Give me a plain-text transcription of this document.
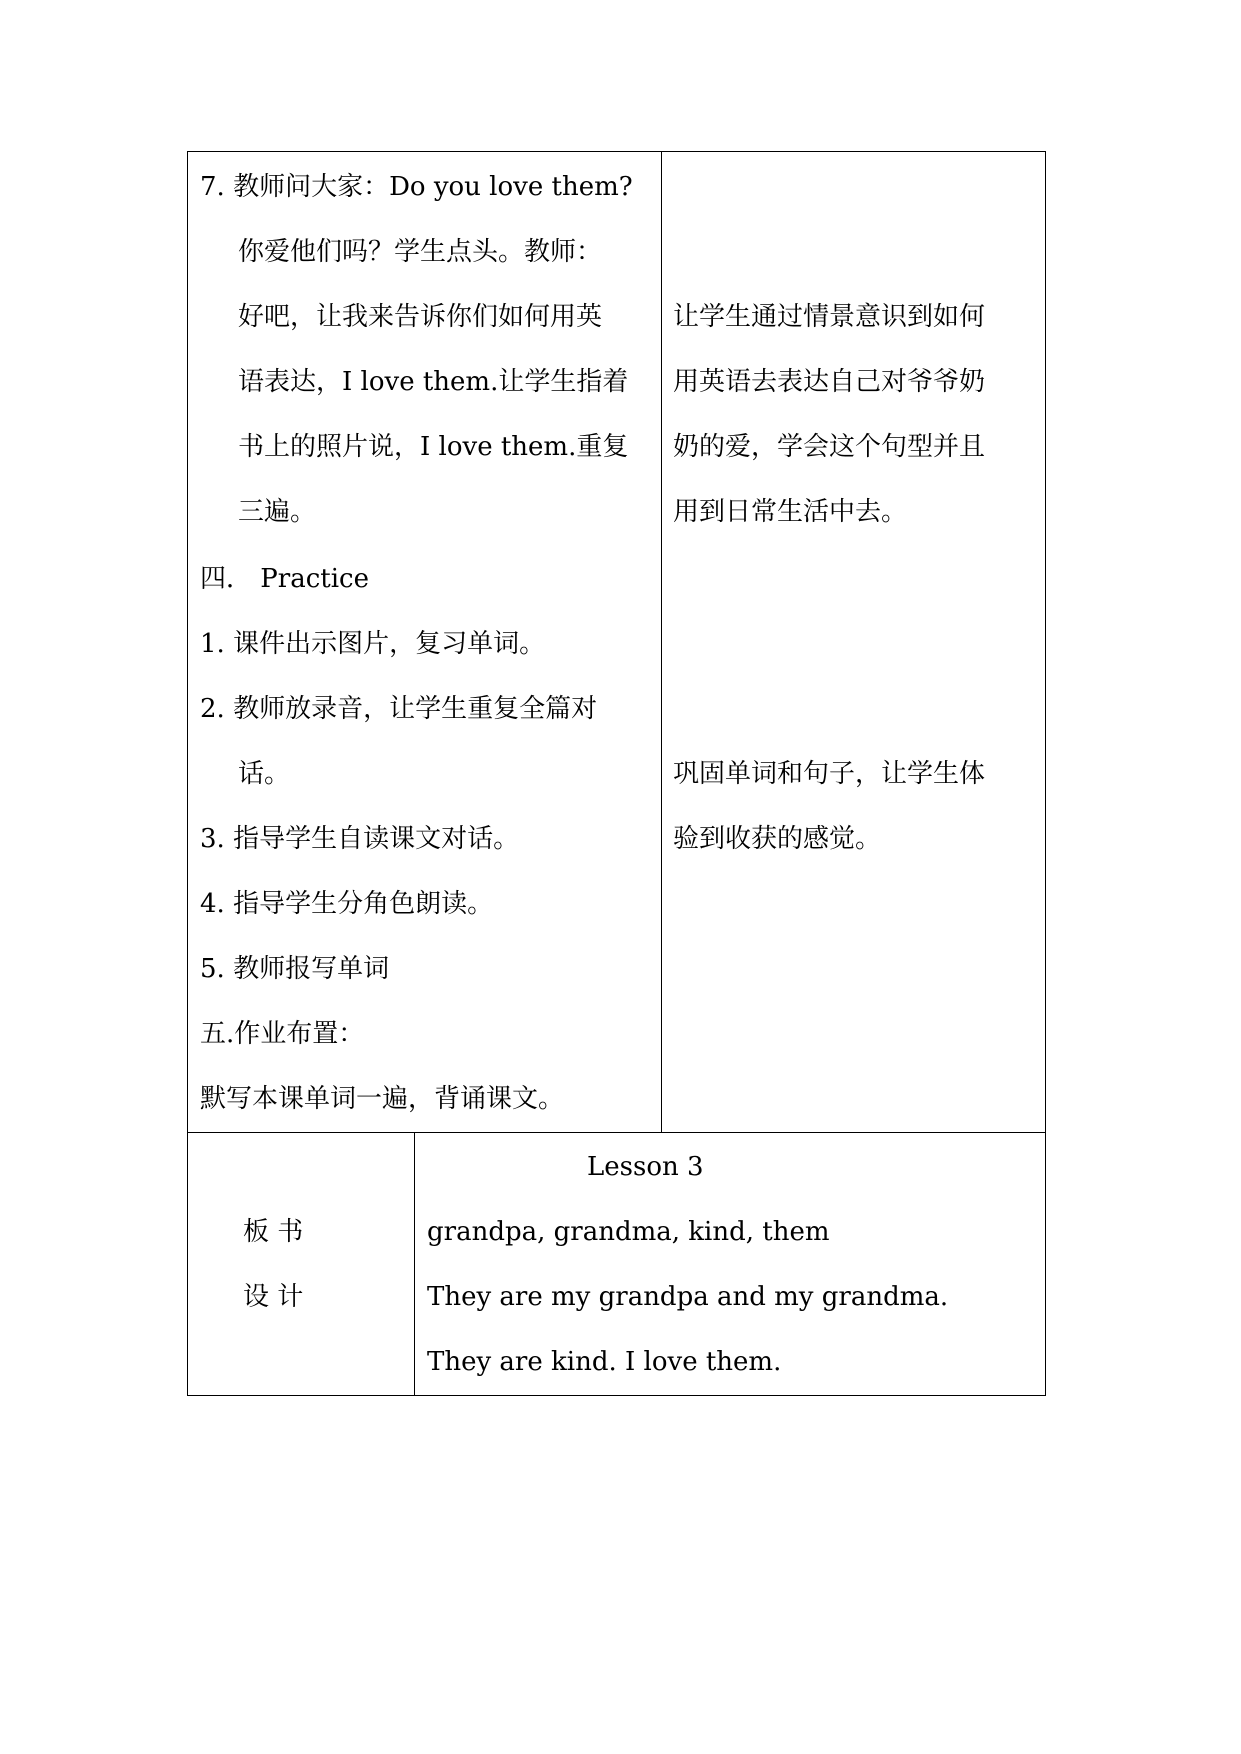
7. 教师问大家：Do you love them?
你爱他们吗？学生点头。教师：
好吧，让我来告诉你们如何用英
语表达，I love them.让学生指着
书上的照片说，I love them.重复
三遍。
四． Practice
1. 课件出示图片，复习单词。
2. 教师放录音，让学生重复全篇对
话。
3. 指导学生自读课文对话。
4. 指导学生分角色朗读。
5. 教师报写单词
五.作业布置：
默写本课单词一遍，背诵课文。
让学生通过情景意识到如何
用英语去表达自己对爷爷奶
奶的爱，学会这个句型并且
用到日常生活中去。
巩固单词和句子，让学生体
验到收获的感觉。
板 书
设 计
Lesson 3
grandpa, grandma, kind, them
They are my grandpa and my grandma.
They are kind. I love them.
